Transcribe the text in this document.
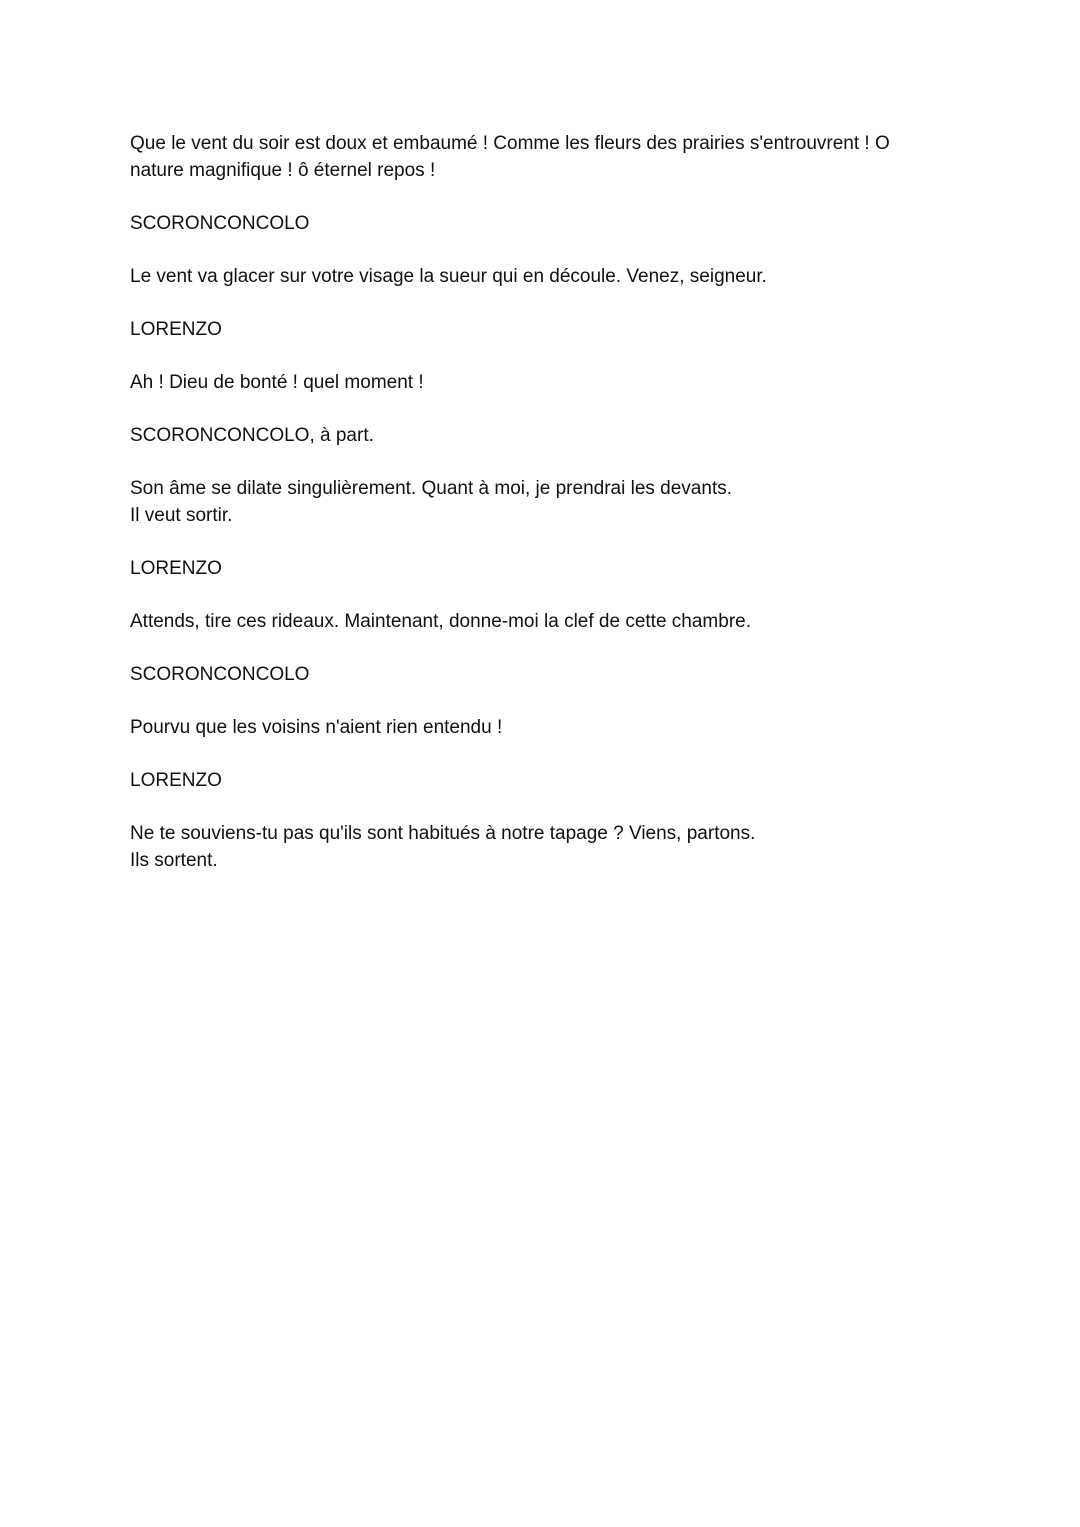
Que le vent du soir est doux et embaumé ! Comme les fleurs des prairies s'entrouvrent ! O
nature magnifique ! ô éternel repos !
SCORONCONCOLO
Le vent va glacer sur votre visage la sueur qui en découle. Venez, seigneur.
LORENZO
Ah ! Dieu de bonté ! quel moment !
SCORONCONCOLO, à part.
Son âme se dilate singulièrement. Quant à moi, je prendrai les devants.
Il veut sortir.
LORENZO
Attends, tire ces rideaux. Maintenant, donne-moi la clef de cette chambre.
SCORONCONCOLO
Pourvu que les voisins n'aient rien entendu !
LORENZO
Ne te souviens-tu pas qu'ils sont habitués à notre tapage ? Viens, partons.
Ils sortent.
